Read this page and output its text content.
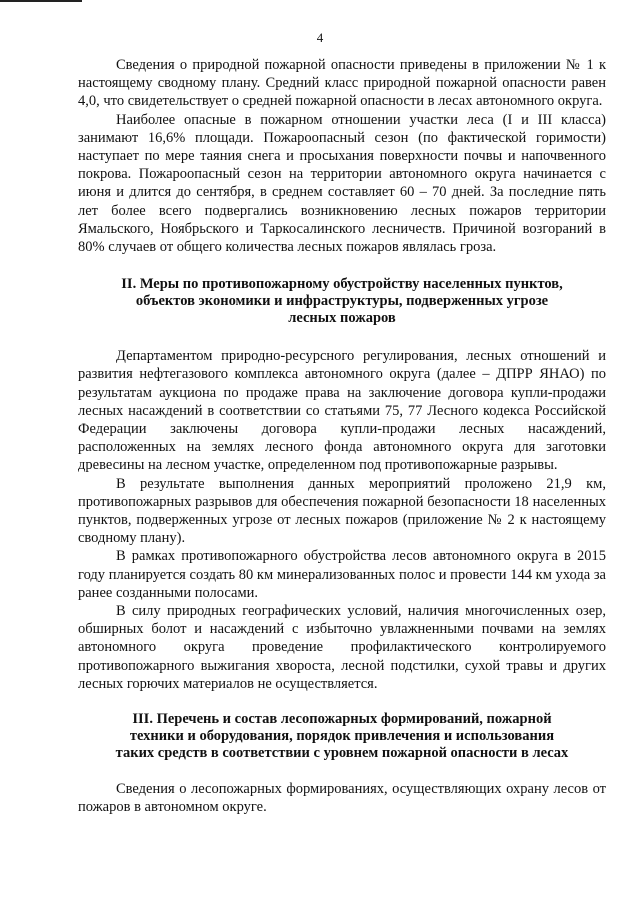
4

Сведения о природной пожарной опасности приведены в приложении № 1 к настоящему сводному плану. Средний класс природной пожарной опасности равен 4,0, что свидетельствует о средней пожарной опасности в лесах автономного округа.

Наиболее опасные в пожарном отношении участки леса (I и III класса) занимают 16,6% площади. Пожароопасный сезон (по фактической горимости) наступает по мере таяния снега и просыхания поверхности почвы и напочвенного покрова. Пожароопасный сезон на территории автономного округа начинается с июня и длится до сентября, в среднем составляет 60 – 70 дней. За последние пять лет более всего подвергались возникновению лесных пожаров территории Ямальского, Ноябрьского и Таркосалинского лесничеств. Причиной возгораний в 80% случаев от общего количества лесных пожаров являлась гроза.

II. Меры по противопожарному обустройству населенных пунктов,
объектов экономики и инфраструктуры, подверженных угрозе
лесных пожаров

Департаментом природно-ресурсного регулирования, лесных отношений и развития нефтегазового комплекса автономного округа (далее – ДПРР ЯНАО) по результатам аукциона по продаже права на заключение договора купли-продажи лесных насаждений в соответствии со статьями 75, 77 Лесного кодекса Российской Федерации заключены договора купли-продажи лесных насаждений, расположенных на землях лесного фонда автономного округа для заготовки древесины на лесном участке, определенном под противопожарные разрывы.

В результате выполнения данных мероприятий проложено 21,9 км, противопожарных разрывов для обеспечения пожарной безопасности 18 населенных пунктов, подверженных угрозе от лесных пожаров (приложение № 2 к настоящему сводному плану).

В рамках противопожарного обустройства лесов автономного округа в 2015 году планируется создать 80 км минерализованных полос и провести 144 км ухода за ранее созданными полосами.

В силу природных географических условий, наличия многочисленных озер, обширных болот и насаждений с избыточно увлажненными почвами на землях автономного округа проведение профилактического контролируемого противопожарного выжигания хвороста, лесной подстилки, сухой травы и других лесных горючих материалов не осуществляется.

III. Перечень и состав лесопожарных формирований, пожарной
техники и оборудования, порядок привлечения и использования
таких средств в соответствии с уровнем пожарной опасности в лесах

Сведения о лесопожарных формированиях, осуществляющих охрану лесов от пожаров в автономном округе.
